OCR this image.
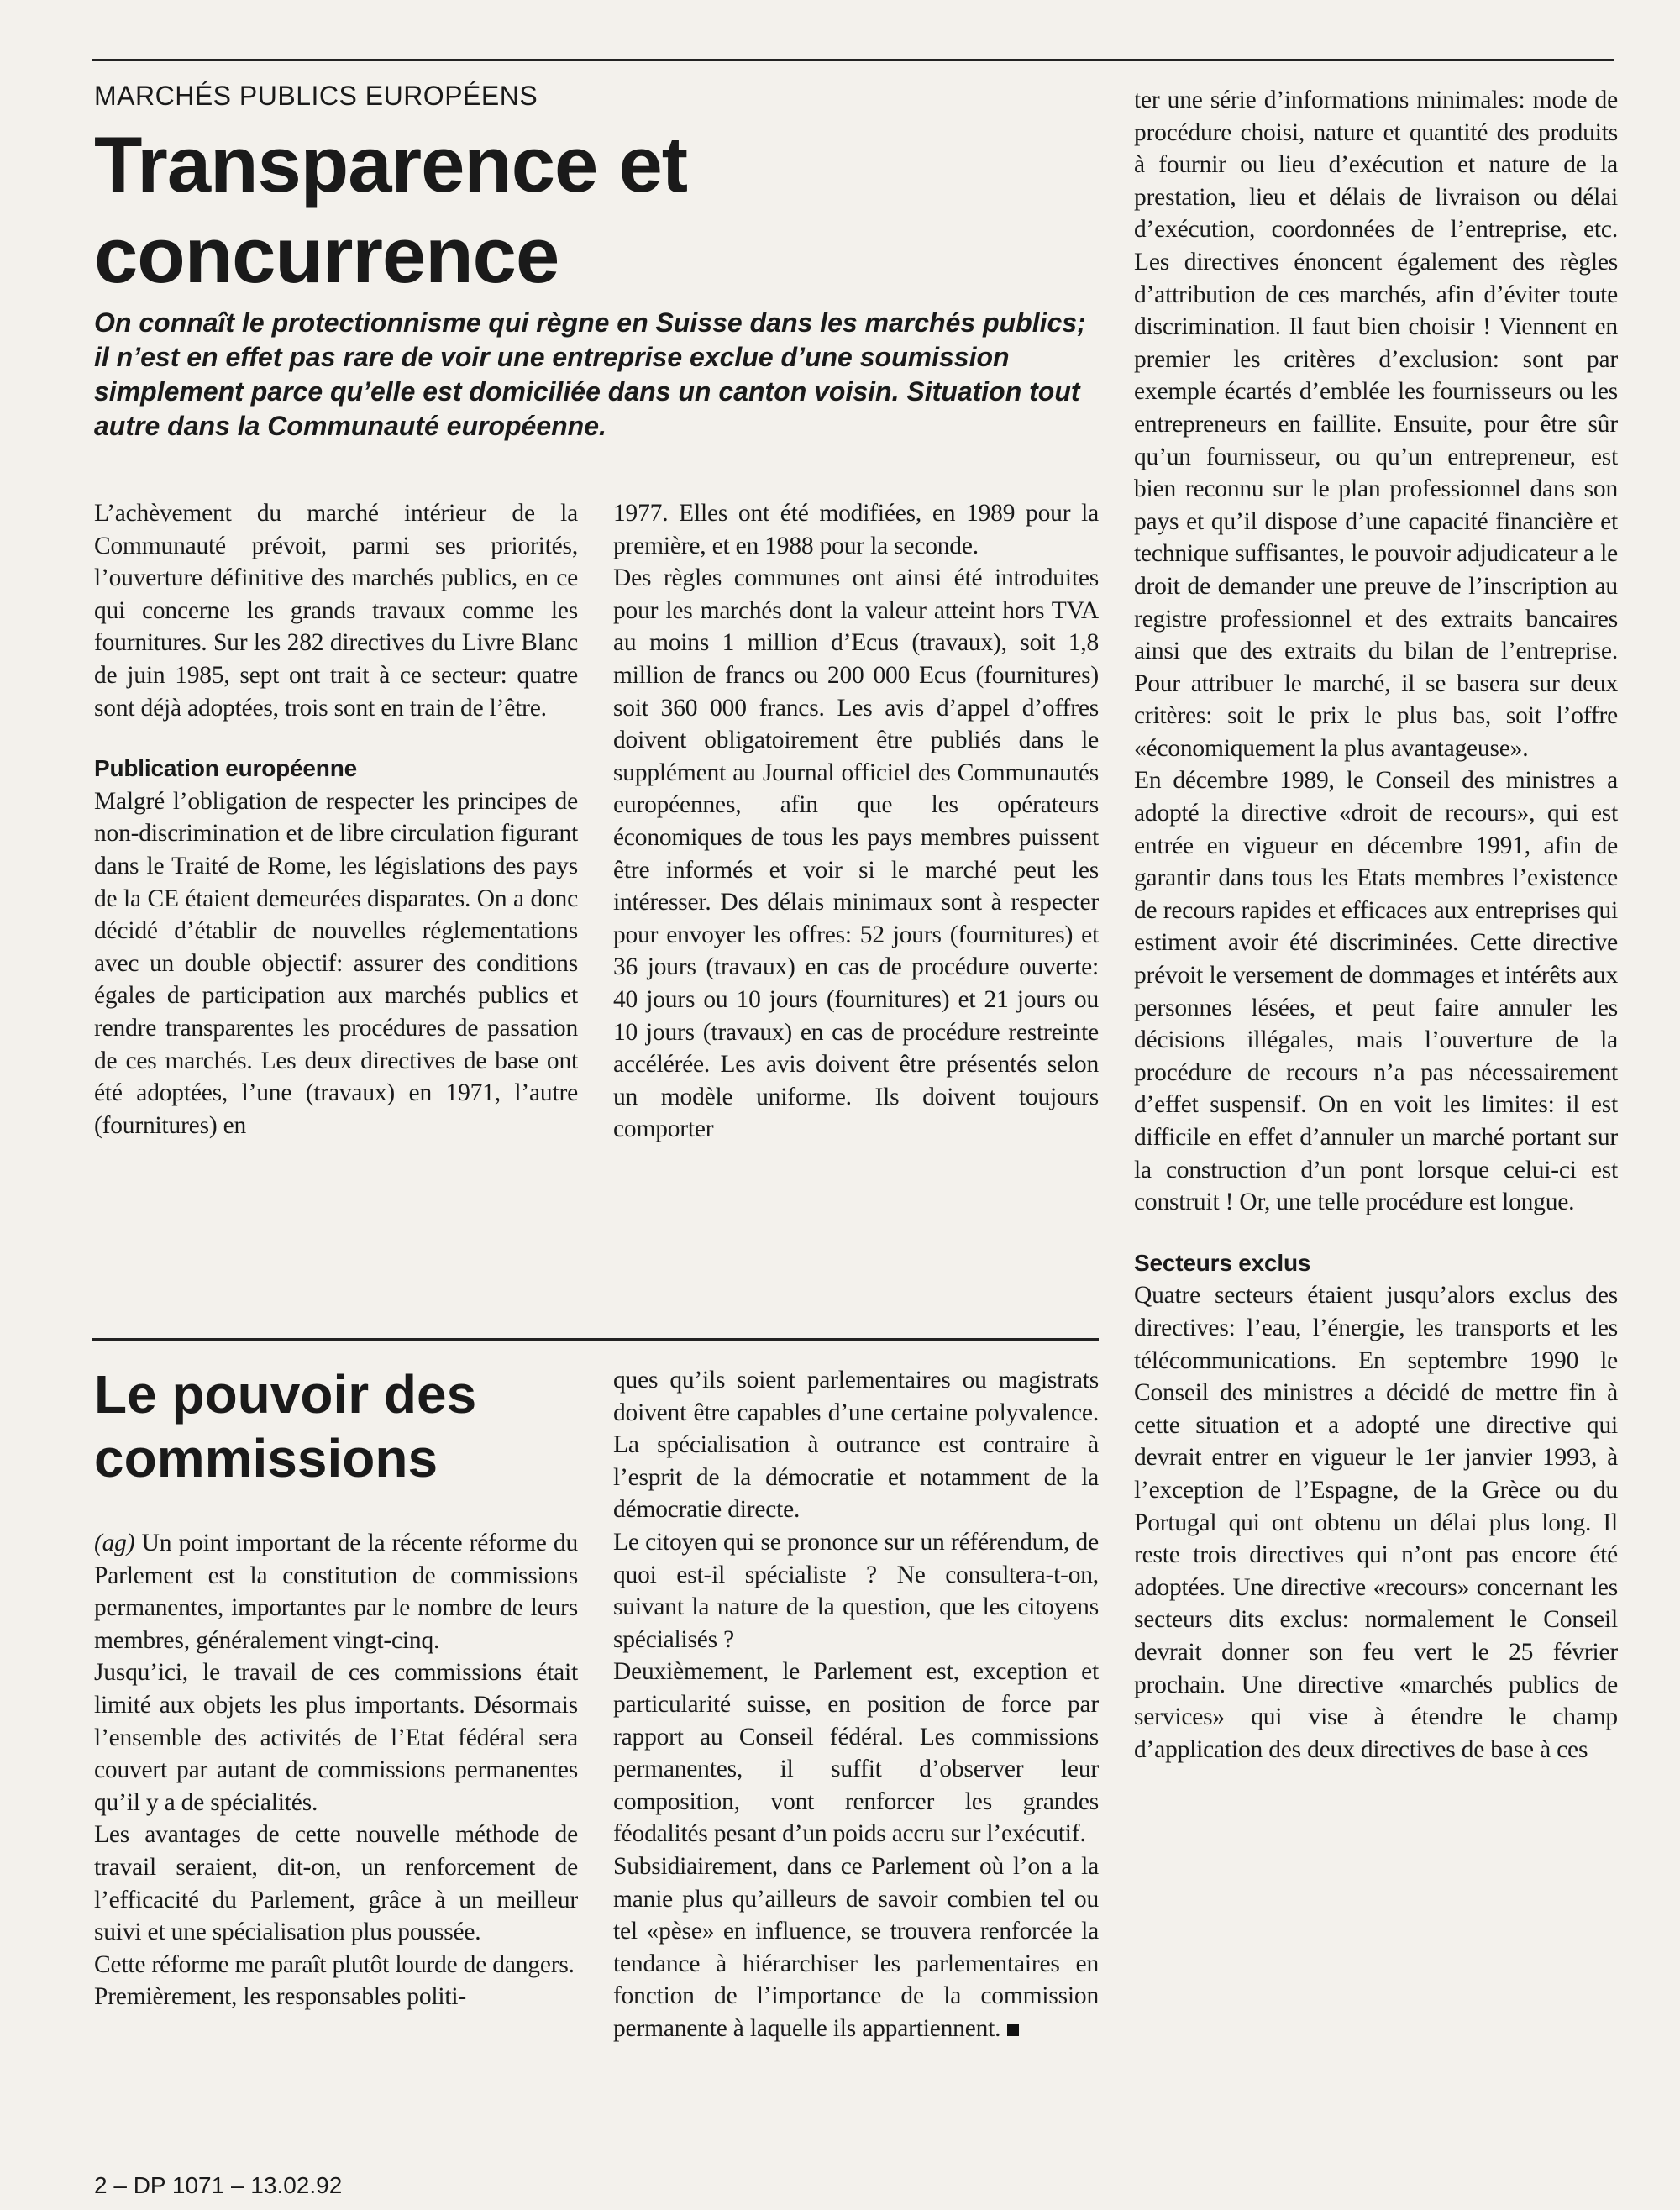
MARCHÉS PUBLICS EUROPÉENS
Transparence et concurrence
On connaît le protectionnisme qui règne en Suisse dans les marchés publics; il n’est en effet pas rare de voir une entreprise exclue d’une soumission simplement parce qu’elle est domiciliée dans un canton voisin. Situation tout autre dans la Communauté européenne.

L’achèvement du marché intérieur de la Communauté prévoit, parmi ses priorités, l’ouverture définitive des marchés publics, en ce qui concerne les grands travaux comme les fournitures. Sur les 282 directives du Livre Blanc de juin 1985, sept ont trait à ce secteur: quatre sont déjà adoptées, trois sont en train de l’être.

Publication européenne

Malgré l’obligation de respecter les principes de non-discrimination et de libre circulation figurant dans le Traité de Rome, les législations des pays de la CE étaient demeurées disparates. On a donc décidé d’établir de nouvelles réglementations avec un double objectif: assurer des conditions égales de participation aux marchés publics et rendre transparentes les procédures de passation de ces marchés. Les deux directives de base ont été adoptées, l’une (travaux) en 1971, l’autre (fournitures) en

1977. Elles ont été modifiées, en 1989 pour la première, et en 1988 pour la seconde.

Des règles communes ont ainsi été introduites pour les marchés dont la valeur atteint hors TVA au moins 1 million d’Ecus (travaux), soit 1,8 million de francs ou 200 000 Ecus (fournitures) soit 360 000 francs. Les avis d’appel d’offres doivent obligatoirement être publiés dans le supplément au Journal officiel des Communautés européennes, afin que les opérateurs économiques de tous les pays membres puissent être informés et voir si le marché peut les intéresser. Des délais minimaux sont à respecter pour envoyer les offres: 52 jours (fournitures) et 36 jours (travaux) en cas de procédure ouverte: 40 jours ou 10 jours (fournitures) et 21 jours ou 10 jours (travaux) en cas de procédure restreinte accélérée. Les avis doivent être présentés selon un modèle uniforme. Ils doivent toujours comporter

ter une série d’informations minimales: mode de procédure choisi, nature et quantité des produits à fournir ou lieu d’exécution et nature de la prestation, lieu et délais de livraison ou délai d’exécution, coordonnées de l’entreprise, etc. Les directives énoncent également des règles d’attribution de ces marchés, afin d’éviter toute discrimination. Il faut bien choisir ! Viennent en premier les critères d’exclusion: sont par exemple écartés d’emblée les fournisseurs ou les entrepreneurs en faillite. Ensuite, pour être sûr qu’un fournisseur, ou qu’un entrepreneur, est bien reconnu sur le plan professionnel dans son pays et qu’il dispose d’une capacité financière et technique suffisantes, le pouvoir adjudicateur a le droit de demander une preuve de l’inscription au registre professionnel et des extraits bancaires ainsi que des extraits du bilan de l’entreprise. Pour attribuer le marché, il se basera sur deux critères: soit le prix le plus bas, soit l’offre «économiquement la plus avantageuse».

En décembre 1989, le Conseil des ministres a adopté la directive «droit de recours», qui est entrée en vigueur en décembre 1991, afin de garantir dans tous les Etats membres l’existence de recours rapides et efficaces aux entreprises qui estiment avoir été discriminées. Cette directive prévoit le versement de dommages et intérêts aux personnes lésées, et peut faire annuler les décisions illégales, mais l’ouverture de la procédure de recours n’a pas nécessairement d’effet suspensif. On en voit les limites: il est difficile en effet d’annuler un marché portant sur la construction d’un pont lorsque celui-ci est construit ! Or, une telle procédure est longue.

Secteurs exclus

Quatre secteurs étaient jusqu’alors exclus des directives: l’eau, l’énergie, les transports et les télécommunications. En septembre 1990 le Conseil des ministres a décidé de mettre fin à cette situation et a adopté une directive qui devrait entrer en vigueur le 1er janvier 1993, à l’exception de l’Espagne, de la Grèce ou du Portugal qui ont obtenu un délai plus long. Il reste trois directives qui n’ont pas encore été adoptées. Une directive «recours» concernant les secteurs dits exclus: normalement le Conseil devrait donner son feu vert le 25 février prochain. Une directive «marchés publics de services» qui vise à étendre le champ d’application des deux directives de base à ces

Le pouvoir des commissions

(ag) Un point important de la récente réforme du Parlement est la constitution de commissions permanentes, importantes par le nombre de leurs membres, généralement vingt-cinq.

Jusqu’ici, le travail de ces commissions était limité aux objets les plus importants. Désormais l’ensemble des activités de l’Etat fédéral sera couvert par autant de commissions permanentes qu’il y a de spécialités.

Les avantages de cette nouvelle méthode de travail seraient, dit-on, un renforcement de l’efficacité du Parlement, grâce à un meilleur suivi et une spécialisation plus poussée.

Cette réforme me paraît plutôt lourde de dangers.

Premièrement, les responsables politi-

ques qu’ils soient parlementaires ou magistrats doivent être capables d’une certaine polyvalence. La spécialisation à outrance est contraire à l’esprit de la démocratie et notamment de la démocratie directe.

Le citoyen qui se prononce sur un référendum, de quoi est-il spécialiste ? Ne consultera-t-on, suivant la nature de la question, que les citoyens spécialisés ?

Deuxièmement, le Parlement est, exception et particularité suisse, en position de force par rapport au Conseil fédéral. Les commissions permanentes, il suffit d’observer leur composition, vont renforcer les grandes féodalités pesant d’un poids accru sur l’exécutif.

Subsidiairement, dans ce Parlement où l’on a la manie plus qu’ailleurs de savoir combien tel ou tel «pèse» en influence, se trouvera renforcée la tendance à hiérarchiser les parlementaires en fonction de l’importance de la commission permanente à laquelle ils appartiennent.

2 – DP 1071 – 13.02.92
